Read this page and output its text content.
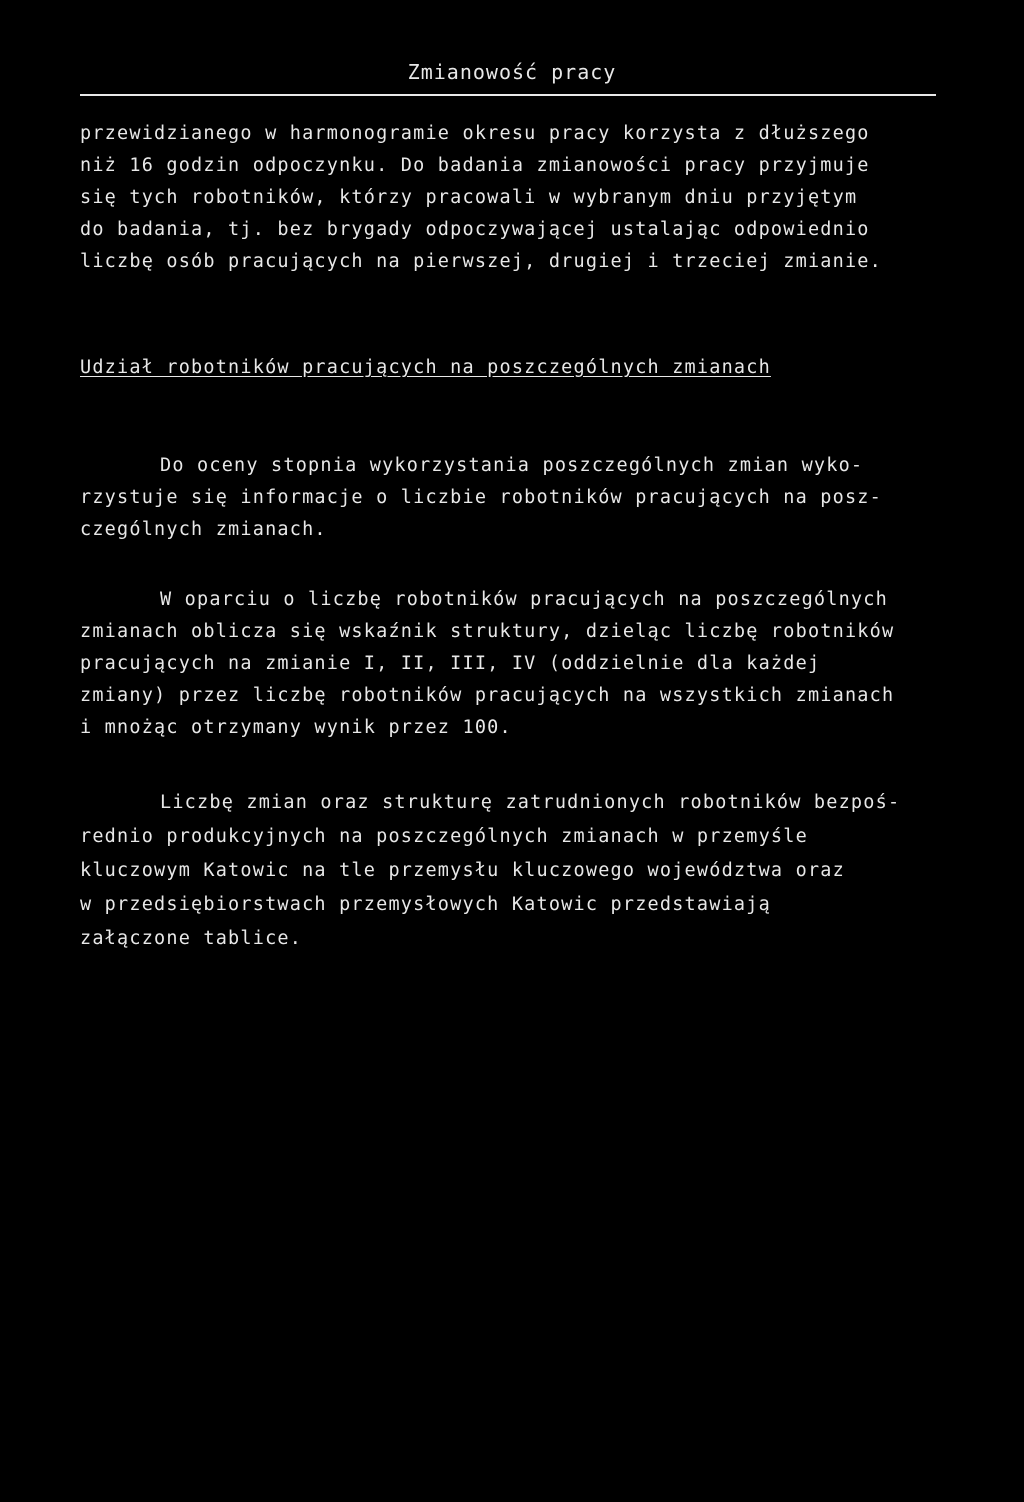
Zmianowość pracy
przewidzianego w harmonogramie okresu pracy korzysta z dłuższego
niż 16 godzin odpoczynku. Do badania zmianowości pracy przyjmuje
się tych robotników, którzy pracowali w wybranym dniu przyjętym
do badania, tj. bez brygady odpoczywającej ustalając odpowiednio
liczbę osób pracujących na pierwszej, drugiej i trzeciej zmianie.
Udział robotników pracujących na poszczególnych zmianach
Do oceny stopnia wykorzystania poszczególnych zmian wyko-
rzystuje się informacje o liczbie robotników pracujących na posz-
czególnych zmianach.
W oparciu o liczbę robotników pracujących na poszczególnych
zmianach oblicza się wskaźnik struktury, dzieląc liczbę robotników
pracujących na zmianie I, II, III, IV (oddzielnie dla każdej
zmiany) przez liczbę robotników pracujących na wszystkich zmianach
i mnożąc otrzymany wynik przez 100.
Liczbę zmian oraz strukturę zatrudnionych robotników bezpoś-
rednio produkcyjnych na poszczególnych zmianach w przemyśle
kluczowym Katowic na tle przemysłu kluczowego województwa oraz
w przedsiębiorstwach przemysłowych Katowic przedstawiają
załączone tablice.
